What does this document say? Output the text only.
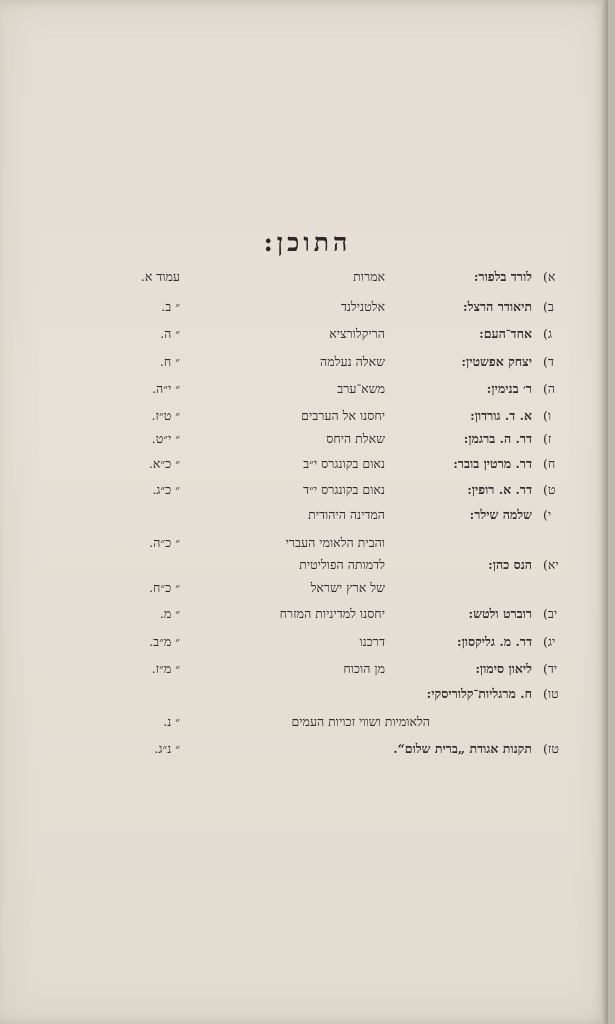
התוכן:
א)
לורד בלפור:
אמרות
עמוד א.
ב)
תיאודר הרצל:
אלטנילנד
״ ב.
ג)
אחד־העם:
הריקלורציא
״ ה.
ד)
יצחק אפשטין:
שאלה נעלמה
״ ח.
ה)
ר׳ בנימין:
משא־ערב
״ י״ה.
ו)
א. ד. גורדון:
יחסנו אל הערבים
״ ט״ז.
ז)
דר. ה. ברגמן:
שאלת היחס
״ י״ט.
ח)
דר. מרטין בובר:
נאום בקונגרס י״ב
״ כ״א.
ט)
דר. א. רופין:
נאום בקונגרס י״ד
״ כ״ג.
י)
שלמה שילר:
המדינה היהודית
והבית הלאומי העברי
״ כ״ה.
יא)
הנס כהן:
לדמותה הפוליטית
של ארץ ישראל
״ כ״ח.
יב)
רוברט ולטש:
יחסנו למדיניות המזרח
״ מ.
יג)
דר. מ. גליקסון:
דרכנו
״ מ״ב.
יד)
ליאון סימון:
מן הוכוח
״ מ״ז.
טו)
ח. מרגליות־קלוריסקי:
הלאומיות ושווי זכויות העמים
״ נ.
טז)
תקנות אגודת „ברית שלום“.
״ נ״ג.
